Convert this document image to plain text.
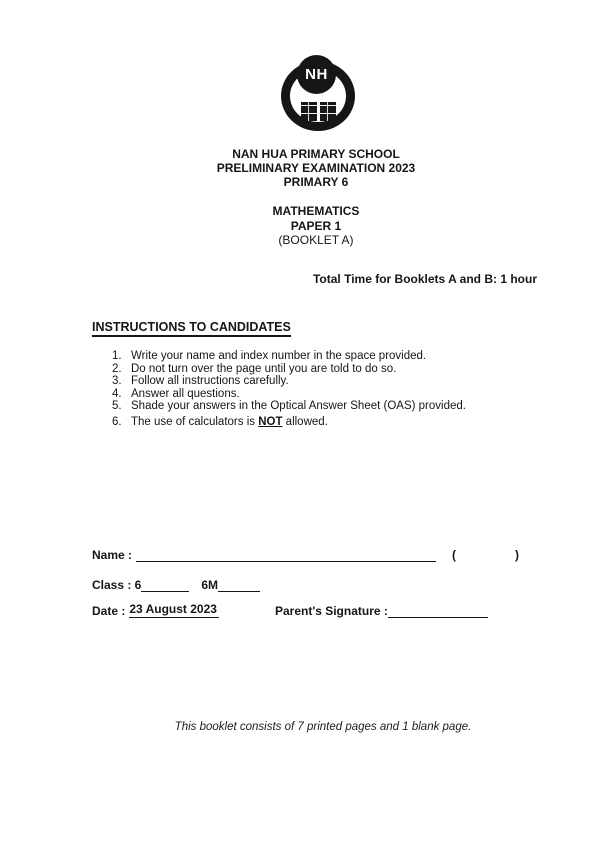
NH
NAN HUA PRIMARY SCHOOL
PRELIMINARY EXAMINATION 2023
PRIMARY 6
MATHEMATICS
PAPER 1
(BOOKLET A)
Total Time for Booklets A and B: 1 hour
INSTRUCTIONS TO CANDIDATES
1. Write your name and index number in the space provided.
2. Do not turn over the page until you are told to do so.
3. Follow all instructions carefully.
4. Answer all questions.
5. Shade your answers in the Optical Answer Sheet (OAS) provided.
6. The use of calculators is NOT allowed.
Name :	(	)
Class : 6	6M
Date : 23 August 2023	Parent's Signature :
This booklet consists of 7 printed pages and 1 blank page.
